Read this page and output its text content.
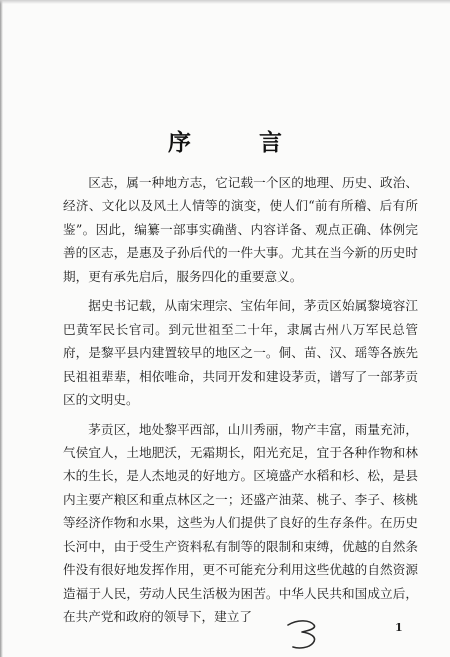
序 言

区志，属一种地方志，它记载一个区的地理、历史、政治、经济、文化以及风土人情等的演变，使人们“前有所稽、后有所鉴”。因此，编纂一部事实确凿、内容详备、观点正确、体例完善的区志，是惠及子孙后代的一件大事。尤其在当今新的历史时期，更有承先启后，服务四化的重要意义。

据史书记载，从南宋理宗、宝佑年间，茅贡区始属黎境容江巴黄军民长官司。到元世祖至二十年，隶属古州八万军民总管府，是黎平县内建置较早的地区之一。侗、苗、汉、瑶等各族先民祖祖辈辈，相依唯命，共同开发和建设茅贡，谱写了一部茅贡区的文明史。

茅贡区，地处黎平西部，山川秀丽，物产丰富，雨量充沛，气侯宜人，土地肥沃，无霜期长，阳光充足，宜于各种作物和林木的生长，是人杰地灵的好地方。区境盛产水稻和杉、松，是县内主要产粮区和重点林区之一；还盛产油菜、桃子、李子、核桃等经济作物和水果，这些为人们提供了良好的生存条件。在历史长河中，由于受生产资料私有制等的限制和束缚，优越的自然条件没有很好地发挥作用，更不可能充分利用这些优越的自然资源造福于人民，劳动人民生活极为困苦。中华人民共和国成立后，在共产党和政府的领导下，建立了

1
